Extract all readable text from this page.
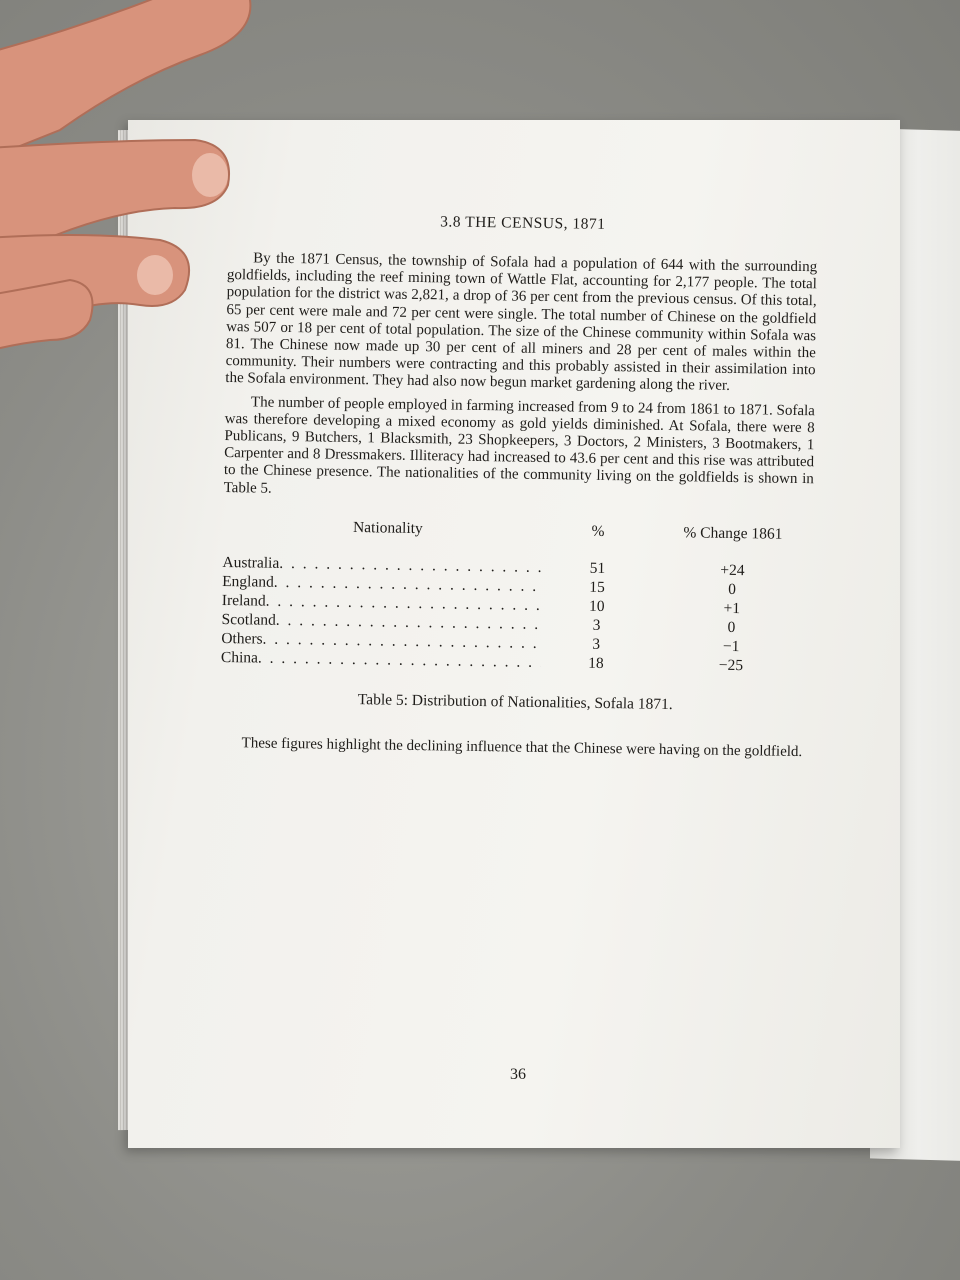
3.8 THE CENSUS, 1871

By the 1871 Census, the township of Sofala had a population of 644 with the surrounding goldfields, including the reef mining town of Wattle Flat, accounting for 2,177 people. The total population for the district was 2,821, a drop of 36 per cent from the previous census. Of this total, 65 per cent were male and 72 per cent were single. The total number of Chinese on the goldfield was 507 or 18 per cent of total population. The size of the Chinese community within Sofala was 81. The Chinese now made up 30 per cent of all miners and 28 per cent of males within the community. Their numbers were contracting and this probably assisted in their assimilation into the Sofala environment. They had also now begun market gardening along the river.

The number of people employed in farming increased from 9 to 24 from 1861 to 1871. Sofala was therefore developing a mixed economy as gold yields diminished. At Sofala, there were 8 Publicans, 9 Butchers, 1 Blacksmith, 23 Shopkeepers, 3 Doctors, 2 Ministers, 3 Bootmakers, 1 Carpenter and 8 Dressmakers. Illiteracy had increased to 43.6 per cent and this rise was attributed to the Chinese presence. The nationalities of the community living on the goldfields is shown in Table 5.

Nationality	%	% Change 1861
Australia . . .	51	+24
England . . .	15	0
Ireland . . .	10	+1
Scotland . . .	3	0
Others . . .	3	−1
China . . .	18	−25
Table 5: Distribution of Nationalities, Sofala 1871.

These figures highlight the declining influence that the Chinese were having on the goldfield.

36
